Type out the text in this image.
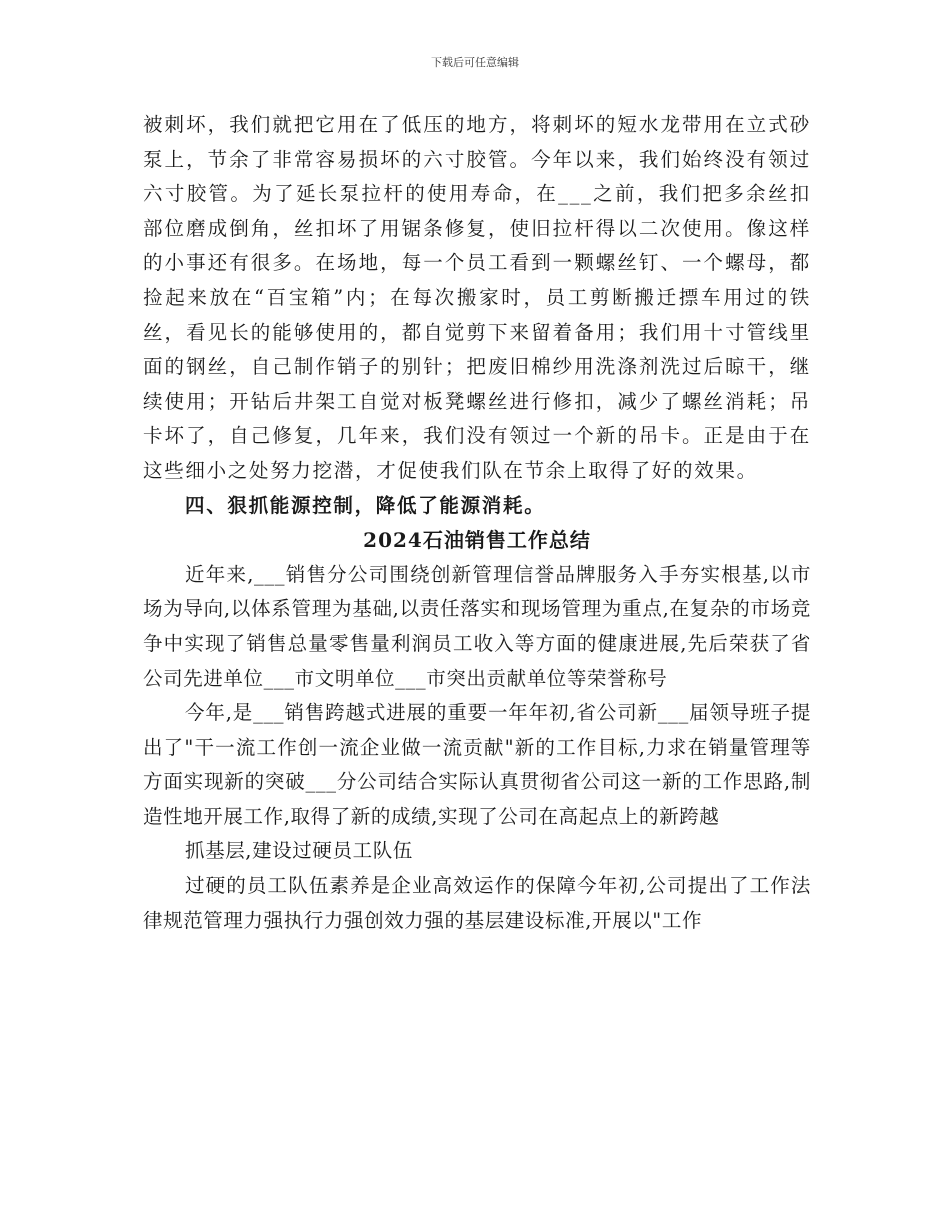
下载后可任意编辑

被刺坏，我们就把它用在了低压的地方，将刺坏的短水龙带用在立式砂泵上，节余了非常容易损坏的六寸胶管。今年以来，我们始终没有领过六寸胶管。为了延长泵拉杆的使用寿命，在___之前，我们把多余丝扣部位磨成倒角，丝扣坏了用锯条修复，使旧拉杆得以二次使用。像这样的小事还有很多。在场地，每一个员工看到一颗螺丝钉、一个螺母，都捡起来放在“百宝箱”内；在每次搬家时，员工剪断搬迁摽车用过的铁丝，看见长的能够使用的，都自觉剪下来留着备用；我们用十寸管线里面的钢丝，自己制作销子的别针；把废旧棉纱用洗涤剂洗过后晾干，继续使用；开钻后井架工自觉对板凳螺丝进行修扣，减少了螺丝消耗；吊卡坏了，自己修复，几年来，我们没有领过一个新的吊卡。正是由于在这些细小之处努力挖潜，才促使我们队在节余上取得了好的效果。

四、狠抓能源控制，降低了能源消耗。

2024石油销售工作总结

近年来,___销售分公司围绕创新管理信誉品牌服务入手夯实根基,以市场为导向,以体系管理为基础,以责任落实和现场管理为重点,在复杂的市场竞争中实现了销售总量零售量利润员工收入等方面的健康进展,先后荣获了省公司先进单位___市文明单位___市突出贡献单位等荣誉称号

今年,是___销售跨越式进展的重要一年年初,省公司新___届领导班子提出了"干一流工作创一流企业做一流贡献"新的工作目标,力求在销量管理等方面实现新的突破___分公司结合实际认真贯彻省公司这一新的工作思路,制造性地开展工作,取得了新的成绩,实现了公司在高起点上的新跨越

抓基层,建设过硬员工队伍

过硬的员工队伍素养是企业高效运作的保障今年初,公司提出了工作法律规范管理力强执行力强创效力强的基层建设标准,开展以"工作
